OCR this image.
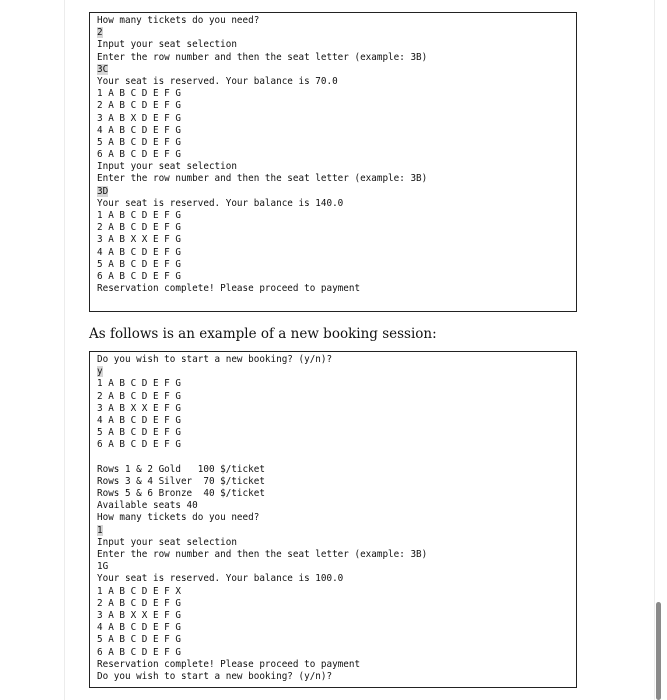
How many tickets do you need?
2
Input your seat selection
Enter the row number and then the seat letter (example: 3B)
3C
Your seat is reserved. Your balance is 70.0
1 A B C D E F G
2 A B C D E F G
3 A B X D E F G
4 A B C D E F G
5 A B C D E F G
6 A B C D E F G
Input your seat selection
Enter the row number and then the seat letter (example: 3B)
3D
Your seat is reserved. Your balance is 140.0
1 A B C D E F G
2 A B C D E F G
3 A B X X E F G
4 A B C D E F G
5 A B C D E F G
6 A B C D E F G
Reservation complete! Please proceed to payment
As follows is an example of a new booking session:
Do you wish to start a new booking? (y/n)?
y
1 A B C D E F G
2 A B C D E F G
3 A B X X E F G
4 A B C D E F G
5 A B C D E F G
6 A B C D E F G
Rows 1 & 2 Gold   100 $/ticket
Rows 3 & 4 Silver  70 $/ticket
Rows 5 & 6 Bronze  40 $/ticket
Available seats 40
How many tickets do you need?
1
Input your seat selection
Enter the row number and then the seat letter (example: 3B)
1G
Your seat is reserved. Your balance is 100.0
1 A B C D E F X
2 A B C D E F G
3 A B X X E F G
4 A B C D E F G
5 A B C D E F G
6 A B C D E F G
Reservation complete! Please proceed to payment
Do you wish to start a new booking? (y/n)?
